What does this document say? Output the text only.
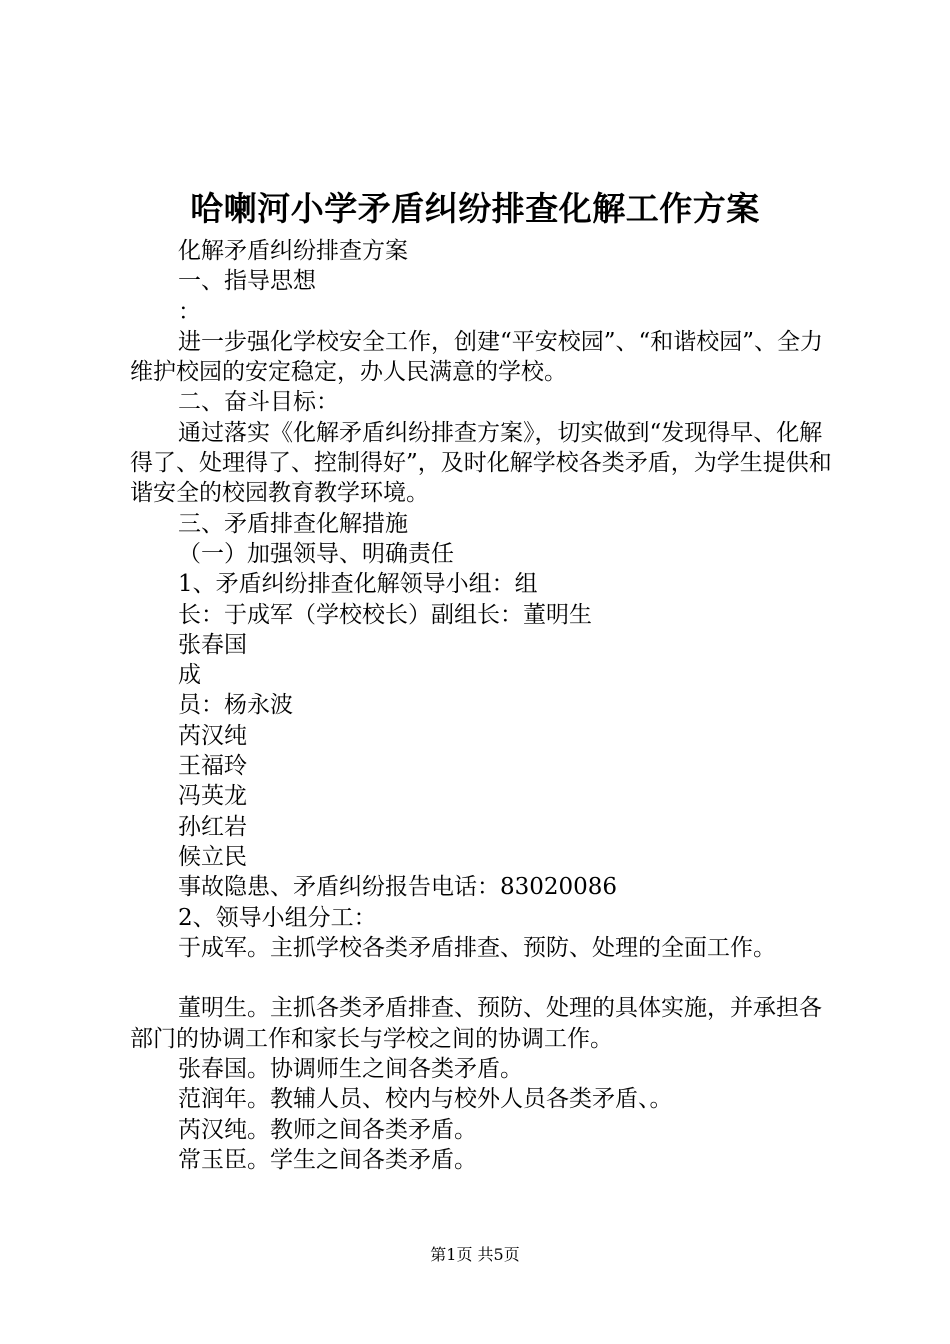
哈喇河小学矛盾纠纷排查化解工作方案

化解矛盾纠纷排查方案

一、指导思想

：

进一步强化学校安全工作，创建“平安校园”、“和谐校园”、全力维护校园的安定稳定，办人民满意的学校。

二、奋斗目标：

通过落实《化解矛盾纠纷排查方案》，切实做到“发现得早、化解得了、处理得了、控制得好”，及时化解学校各类矛盾，为学生提供和谐安全的校园教育教学环境。

三、矛盾排查化解措施

（一）加强领导、明确责任

1、矛盾纠纷排查化解领导小组：组

长：于成军（学校校长）副组长：董明生

张春国

成

员：杨永波

芮汉纯

王福玲

冯英龙

孙红岩

候立民

事故隐患、矛盾纠纷报告电话：83020086

2、领导小组分工：

于成军。主抓学校各类矛盾排查、预防、处理的全面工作。

董明生。主抓各类矛盾排查、预防、处理的具体实施，并承担各部门的协调工作和家长与学校之间的协调工作。

张春国。协调师生之间各类矛盾。

范润年。教辅人员、校内与校外人员各类矛盾、。

芮汉纯。教师之间各类矛盾。

常玉臣。学生之间各类矛盾。

第1页 共5页
